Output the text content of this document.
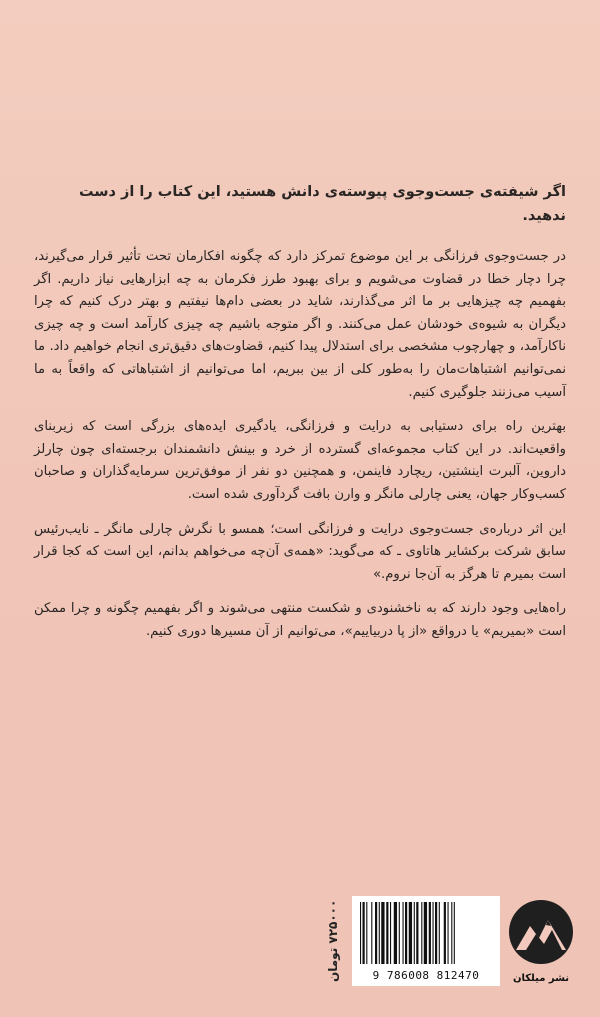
اگر شیفته‌ی جست‌وجوی پیوسته‌ی دانش هستید، این کتاب را از دست ندهید.

در جست‌وجوی فرزانگی بر این موضوع تمرکز دارد که چگونه افکارمان تحت تأثیر قرار می‌گیرند، چرا دچار خطا در قضاوت می‌شویم و برای بهبود طرز فکرمان به چه ابزارهایی نیاز داریم. اگر بفهمیم چه چیزهایی بر ما اثر می‌گذارند، شاید در بعضی دام‌ها نیفتیم و بهتر درک کنیم که چرا دیگران به شیوه‌ی خودشان عمل می‌کنند. و اگر متوجه باشیم چه چیزی کارآمد است و چه چیزی ناکارآمد، و چهارچوب مشخصی برای استدلال پیدا کنیم، قضاوت‌های دقیق‌تری انجام خواهیم داد. ما نمی‌توانیم اشتباهات‌مان را به‌طور کلی از بین ببریم، اما می‌توانیم از اشتباهاتی که واقعاً به ما آسیب می‌زنند جلوگیری کنیم.

بهترین راه برای دستیابی به درایت و فرزانگی، یادگیری ایده‌های بزرگی است که زیربنای واقعیت‌اند. در این کتاب مجموعه‌ای گسترده از خرد و بینش دانشمندان برجسته‌ای چون چارلز داروین، آلبرت اینشتین، ریچارد فاینمن، و همچنین دو نفر از موفق‌ترین سرمایه‌گذاران و صاحبان کسب‌وکار جهان، یعنی چارلی مانگر و وارن بافت گردآوری شده است.

این اثر درباره‌ی جست‌وجوی درایت و فرزانگی است؛ همسو با نگرش چارلی مانگر ـ نایب‌رئیس سابق شرکت برکشایر هاتاوی ـ که می‌گوید: «همه‌ی آن‌چه می‌خواهم بدانم، این است که کجا قرار است بمیرم تا هرگز به آن‌جا نروم.»

راه‌هایی وجود دارند که به ناخشنودی و شکست منتهی می‌شوند و اگر بفهمیم چگونه و چرا ممکن است «بمیریم» یا درواقع «از پا دربیاییم»، می‌توانیم از آن مسیرها دوری کنیم.

۷۲۵۰۰۰ تومان
9 786008 812470	نشر میلکان
